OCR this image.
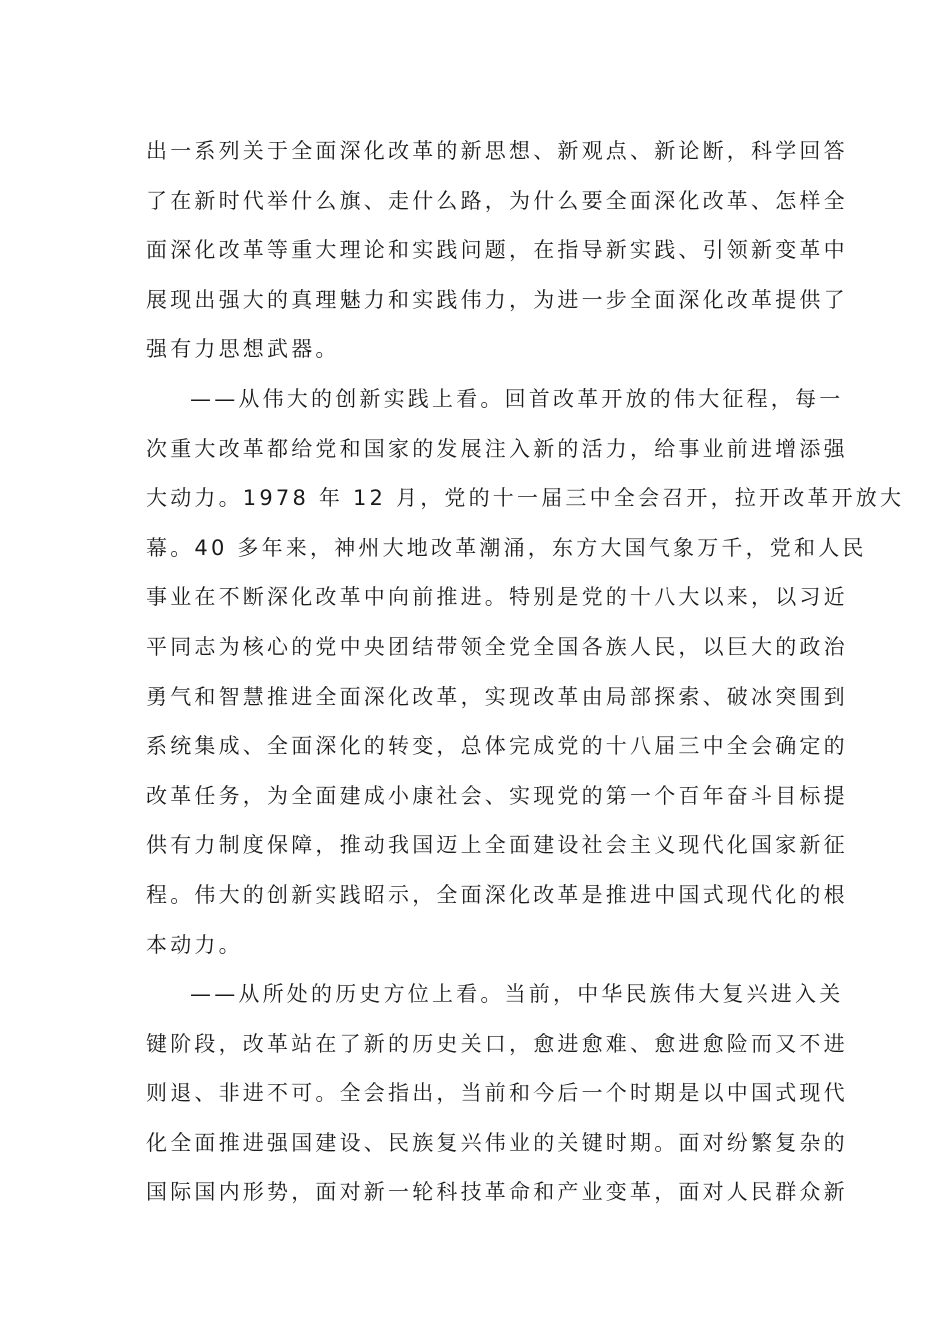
出一系列关于全面深化改革的新思想、新观点、新论断，科学回答
了在新时代举什么旗、走什么路，为什么要全面深化改革、怎样全
面深化改革等重大理论和实践问题，在指导新实践、引领新变革中
展现出强大的真理魅力和实践伟力，为进一步全面深化改革提供了
强有力思想武器。
——从伟大的创新实践上看。回首改革开放的伟大征程，每一
次重大改革都给党和国家的发展注入新的活力，给事业前进增添强
大动力。1978 年 12 月，党的十一届三中全会召开，拉开改革开放大
幕。40 多年来，神州大地改革潮涌，东方大国气象万千，党和人民
事业在不断深化改革中向前推进。特别是党的十八大以来，以习近
平同志为核心的党中央团结带领全党全国各族人民，以巨大的政治
勇气和智慧推进全面深化改革，实现改革由局部探索、破冰突围到
系统集成、全面深化的转变，总体完成党的十八届三中全会确定的
改革任务，为全面建成小康社会、实现党的第一个百年奋斗目标提
供有力制度保障，推动我国迈上全面建设社会主义现代化国家新征
程。伟大的创新实践昭示，全面深化改革是推进中国式现代化的根
本动力。
——从所处的历史方位上看。当前，中华民族伟大复兴进入关
键阶段，改革站在了新的历史关口，愈进愈难、愈进愈险而又不进
则退、非进不可。全会指出，当前和今后一个时期是以中国式现代
化全面推进强国建设、民族复兴伟业的关键时期。面对纷繁复杂的
国际国内形势，面对新一轮科技革命和产业变革，面对人民群众新
